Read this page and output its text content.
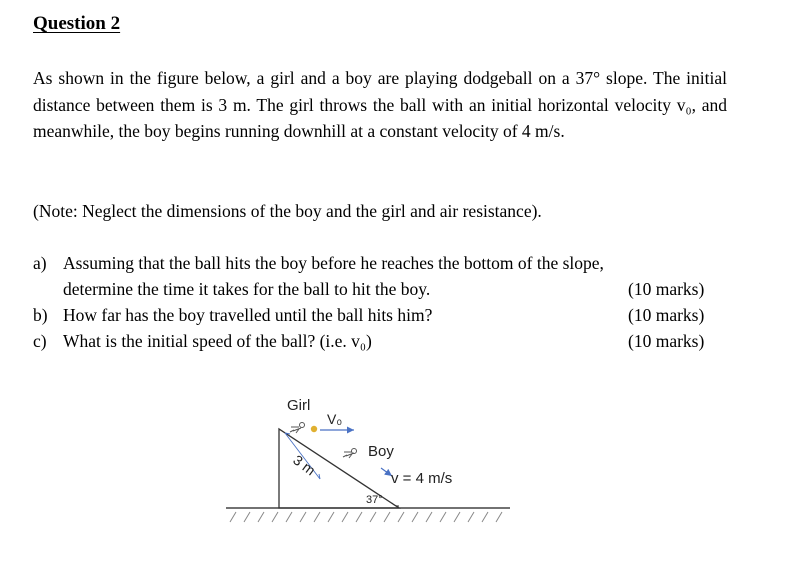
Question 2
As shown in the figure below, a girl and a boy are playing dodgeball on a 37° slope. The initial distance between them is 3 m. The girl throws the ball with an initial horizontal velocity v₀, and meanwhile, the boy begins running downhill at a constant velocity of 4 m/s.
(Note: Neglect the dimensions of the boy and the girl and air resistance).
a) Assuming that the ball hits the boy before he reaches the bottom of the slope,
determine the time it takes for the ball to hit the boy.	(10 marks)
b) How far has the boy travelled until the ball hits him?	(10 marks)
c) What is the initial speed of the ball? (i.e. v₀)	(10 marks)
37°
Girl
V₀
3 m
Boy
v = 4 m/s
